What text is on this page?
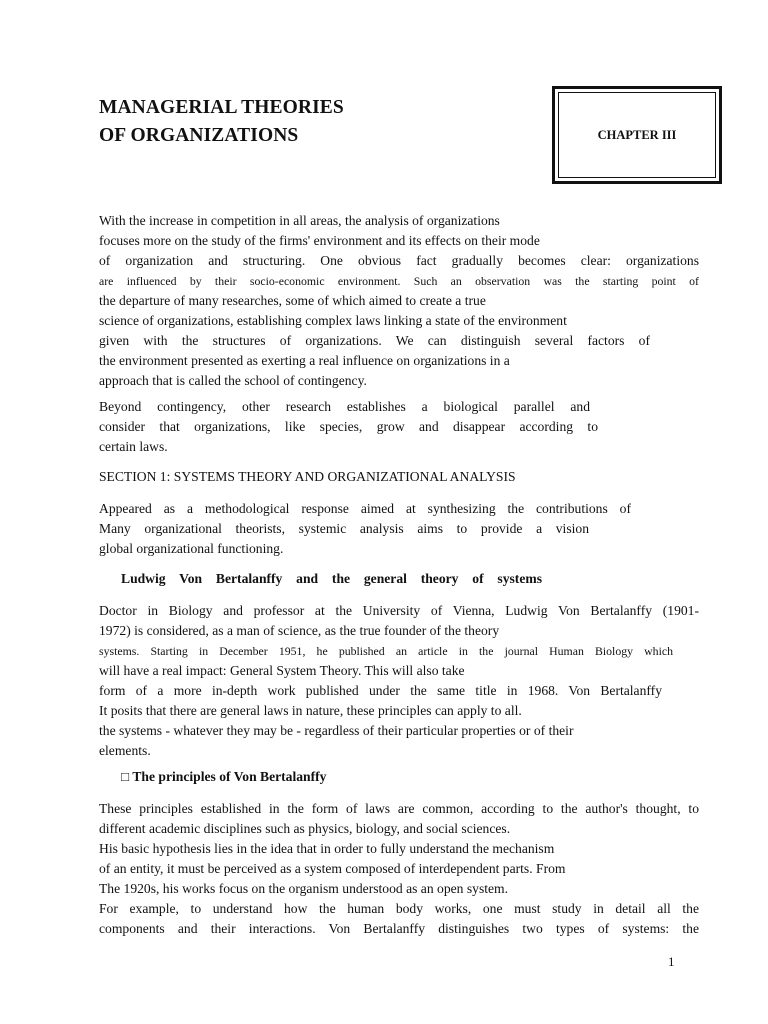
MANAGERIAL THEORIES
OF ORGANIZATIONS	CHAPTER III
With the increase in competition in all areas, the analysis of organizations
focuses more on the study of the firms' environment and its effects on their mode
of organization and structuring. One obvious fact gradually becomes clear: organizations
are influenced by their socio-economic environment. Such an observation was the starting point of
the departure of many researches, some of which aimed to create a true
science of organizations, establishing complex laws linking a state of the environment
given with the structures of organizations. We can distinguish several factors of
the environment presented as exerting a real influence on organizations in a
approach that is called the school of contingency.
Beyond contingency, other research establishes a biological parallel and
consider that organizations, like species, grow and disappear according to
certain laws.
SECTION 1: SYSTEMS THEORY AND ORGANIZATIONAL ANALYSIS
Appeared as a methodological response aimed at synthesizing the contributions of
Many organizational theorists, systemic analysis aims to provide a vision
global organizational functioning.
Ludwig Von Bertalanffy and the general theory of systems
Doctor in Biology and professor at the University of Vienna, Ludwig Von Bertalanffy (1901-
1972) is considered, as a man of science, as the true founder of the theory
systems. Starting in December 1951, he published an article in the journal Human Biology which
will have a real impact: General System Theory. This will also take
form of a more in-depth work published under the same title in 1968. Von Bertalanffy
It posits that there are general laws in nature, these principles can apply to all.
the systems - whatever they may be - regardless of their particular properties or of their
elements.
□ The principles of Von Bertalanffy
These principles established in the form of laws are common, according to the author's thought, to
different academic disciplines such as physics, biology, and social sciences.
His basic hypothesis lies in the idea that in order to fully understand the mechanism
of an entity, it must be perceived as a system composed of interdependent parts. From
The 1920s, his works focus on the organism understood as an open system.
For example, to understand how the human body works, one must study in detail all the
components and their interactions. Von Bertalanffy distinguishes two types of systems: the
1
